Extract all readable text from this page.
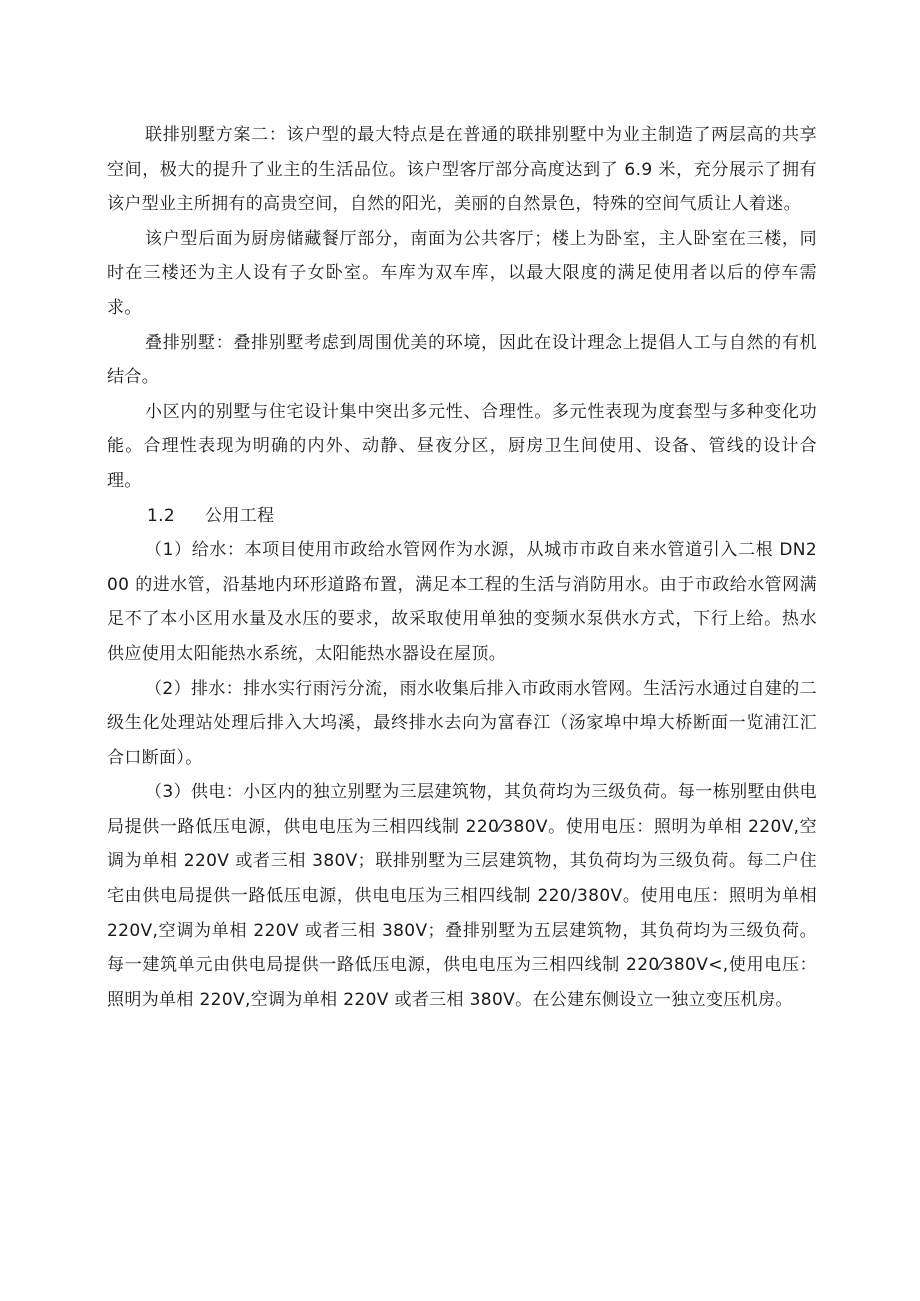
联排别墅方案二：该户型的最大特点是在普通的联排别墅中为业主制造了两层高的共享空间，极大的提升了业主的生活品位。该户型客厅部分高度达到了 6.9 米，充分展示了拥有该户型业主所拥有的高贵空间，自然的阳光，美丽的自然景色，特殊的空间气质让人着迷。

该户型后面为厨房储藏餐厅部分，南面为公共客厅；楼上为卧室，主人卧室在三楼，同时在三楼还为主人设有子女卧室。车库为双车库，以最大限度的满足使用者以后的停车需求。

叠排别墅：叠排别墅考虑到周围优美的环境，因此在设计理念上提倡人工与自然的有机结合。

小区内的别墅与住宅设计集中突出多元性、合理性。多元性表现为度套型与多种变化功能。合理性表现为明确的内外、动静、昼夜分区，厨房卫生间使用、设备、管线的设计合理。

1.2 公用工程

（1）给水：本项目使用市政给水管网作为水源，从城市市政自来水管道引入二根 DN200 的进水管，沿基地内环形道路布置，满足本工程的生活与消防用水。由于市政给水管网满足不了本小区用水量及水压的要求，故采取使用单独的变频水泵供水方式，下行上给。热水供应使用太阳能热水系统，太阳能热水器设在屋顶。

（2）排水：排水实行雨污分流，雨水收集后排入市政雨水管网。生活污水通过自建的二级生化处理站处理后排入大坞溪，最终排水去向为富春江（汤家埠中埠大桥断面一览浦江汇合口断面）。

（3）供电：小区内的独立别墅为三层建筑物，其负荷均为三级负荷。每一栋别墅由供电局提供一路低压电源，供电电压为三相四线制 220⁄380V。使用电压：照明为单相 220V,空调为单相 220V 或者三相 380V；联排别墅为三层建筑物，其负荷均为三级负荷。每二户住宅由供电局提供一路低压电源，供电电压为三相四线制 220/380V。使用电压：照明为单相 220V,空调为单相 220V 或者三相 380V；叠排别墅为五层建筑物，其负荷均为三级负荷。每一建筑单元由供电局提供一路低压电源，供电电压为三相四线制 220⁄380V<,使用电压：照明为单相 220V,空调为单相 220V 或者三相 380V。在公建东侧设立一独立变压机房。
